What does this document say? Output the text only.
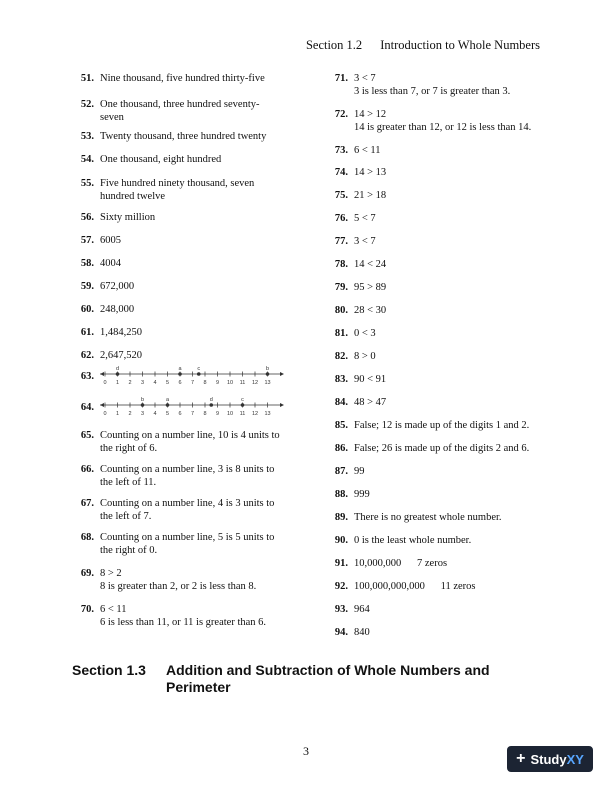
Section 1.2 Introduction to Whole Numbers
51. Nine thousand, five hundred thirty-five
52. One thousand, three hundred seventy-
seven
53. Twenty thousand, three hundred twenty
54. One thousand, eight hundred
55. Five hundred ninety thousand, seven
hundred twelve
56. Sixty million
57. 6005
58. 4004
59. 672,000
60. 248,000
61. 1,484,250
62. 2,647,520
63.
0 1 2 3 4 5 6 7 8 9 10 11 12 13
d	a	c	b
64.
0 1 2 3 4 5 6 7 8 9 10 11 12 13
b	a	d	c
65. Counting on a number line, 10 is 4 units to
the right of 6.
66. Counting on a number line, 3 is 8 units to
the left of 11.
67. Counting on a number line, 4 is 3 units to
the left of 7.
68. Counting on a number line, 5 is 5 units to
the right of 0.
69. 8 > 2
8 is greater than 2, or 2 is less than 8.
70. 6 < 11
6 is less than 11, or 11 is greater than 6.
71. 3 < 7
3 is less than 7, or 7 is greater than 3.
72. 14 > 12
14 is greater than 12, or 12 is less than 14.
73. 6 < 11
74. 14 > 13
75. 21 > 18
76. 5 < 7
77. 3 < 7
78. 14 < 24
79. 95 > 89
80. 28 < 30
81. 0 < 3
82. 8 > 0
83. 90 < 91
84. 48 > 47
85. False; 12 is made up of the digits 1 and 2.
86. False; 26 is made up of the digits 2 and 6.
87. 99
88. 999
89. There is no greatest whole number.
90. 0 is the least whole number.
91. 10,000,000      7 zeros
92. 100,000,000,000      11 zeros
93. 964
94. 840
Section 1.3 Addition and Subtraction of Whole Numbers and Perimeter
3	+ StudyXY
